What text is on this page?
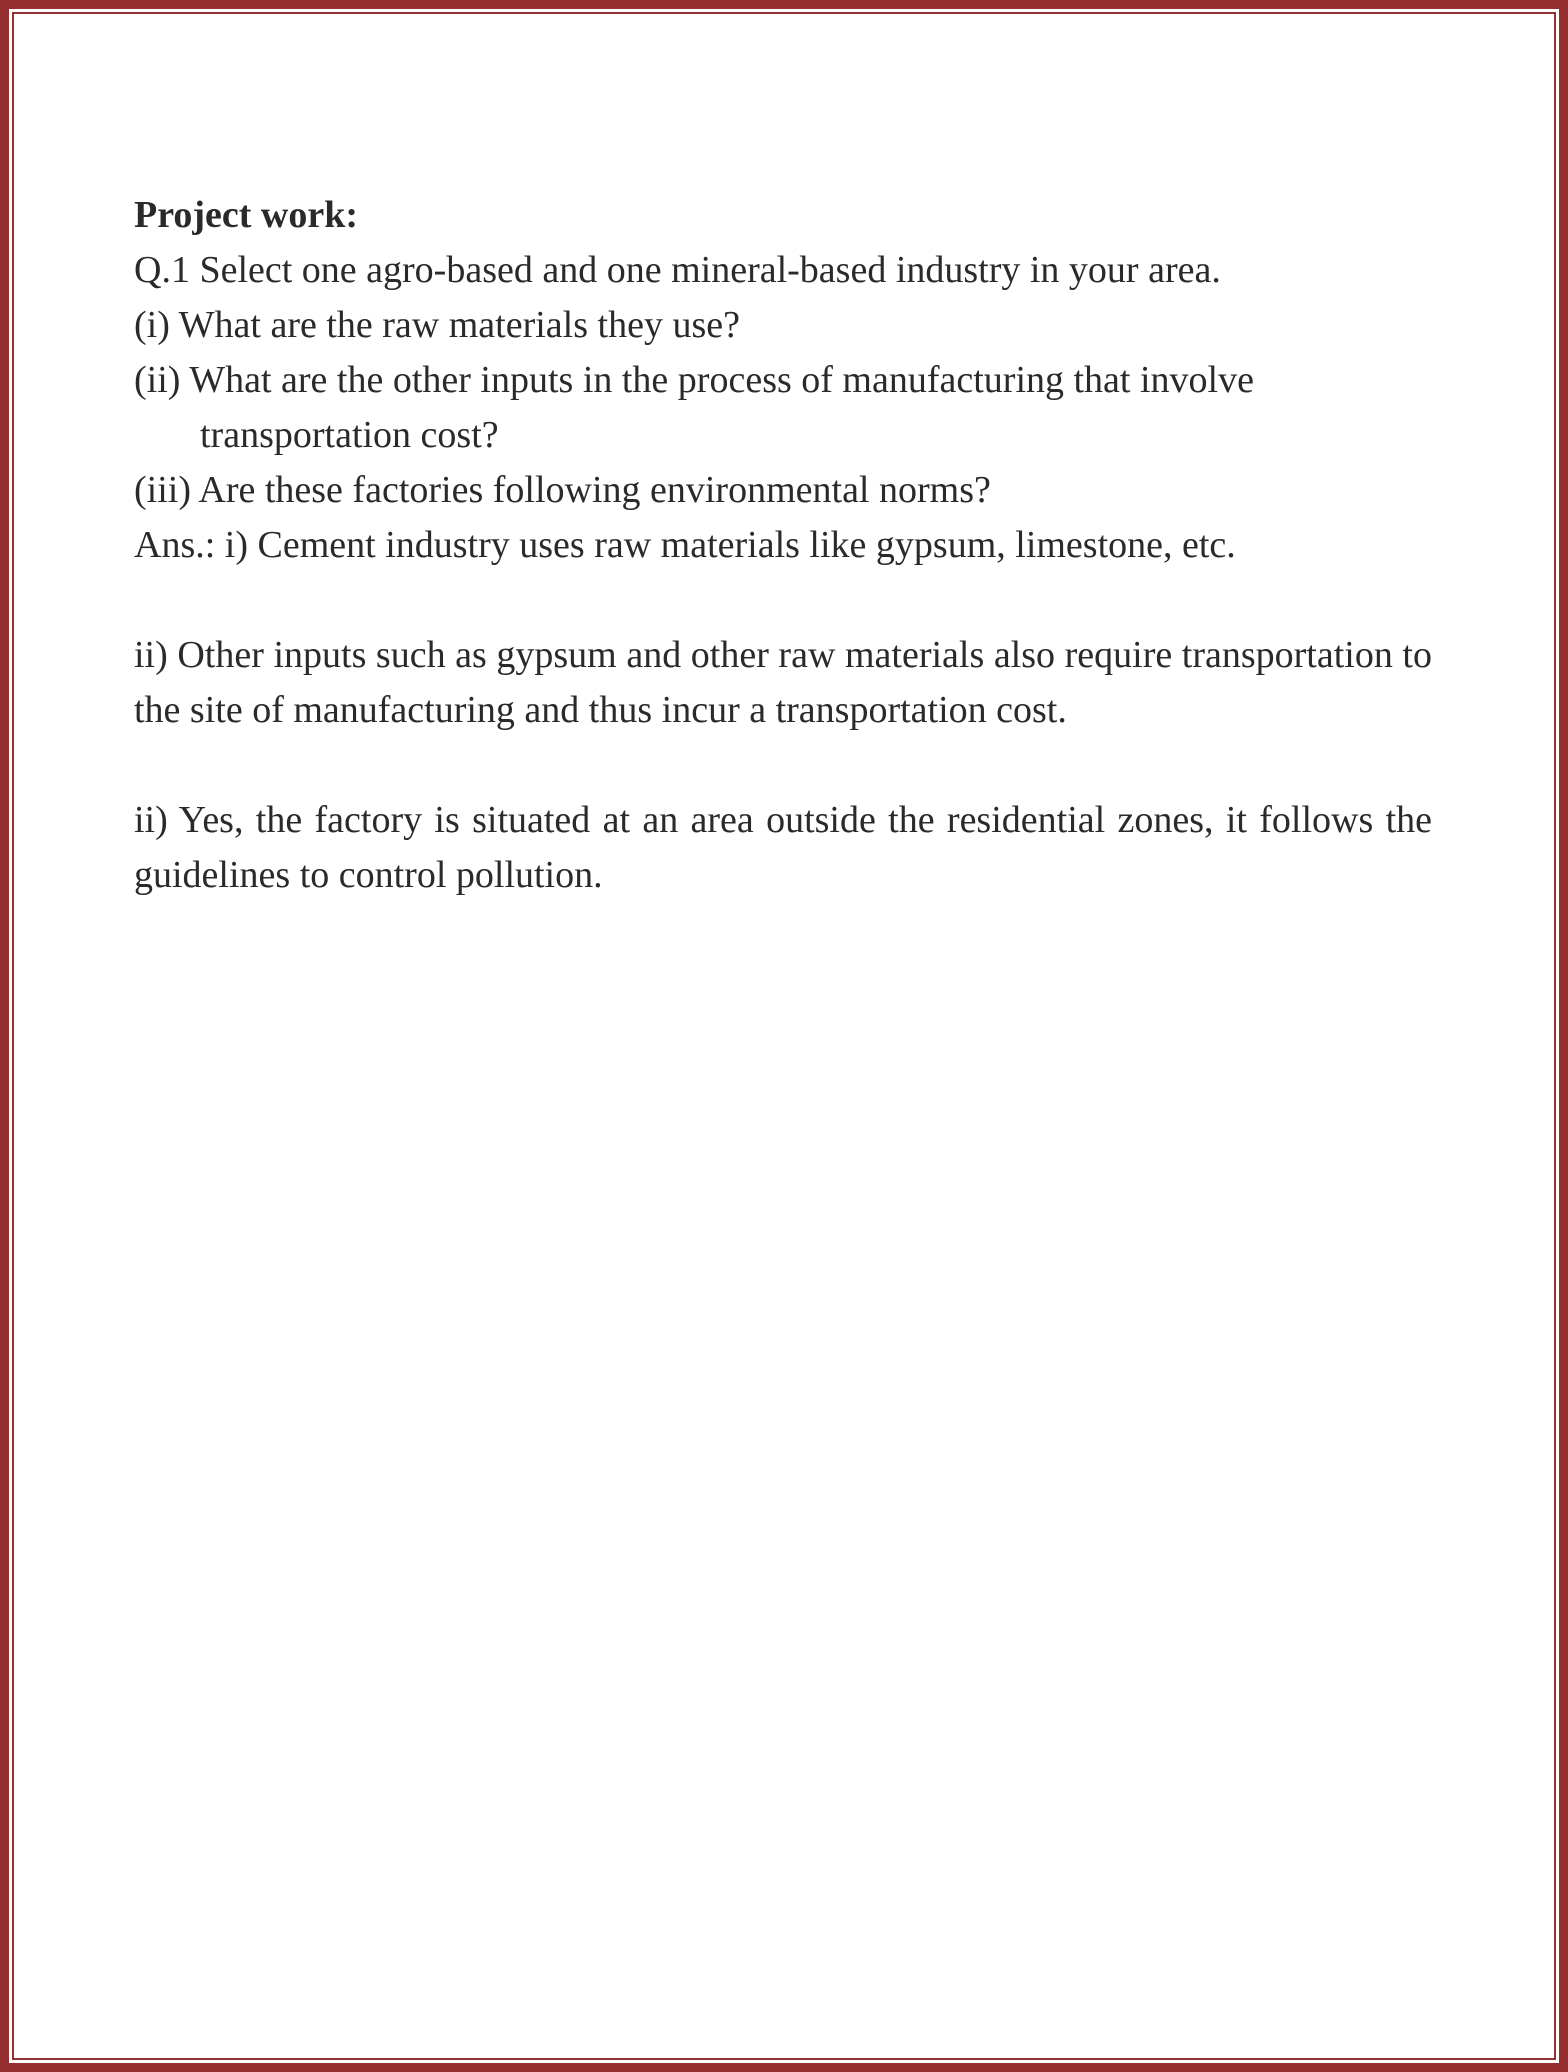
Project work:

Q.1 Select one agro-based and one mineral-based industry in your area.

(i) What are the raw materials they use?

(ii) What are the other inputs in the process of manufacturing that involve

transportation cost?

(iii) Are these factories following environmental norms?

Ans.: i) Cement industry uses raw materials like gypsum, limestone, etc.

ii) Other inputs such as gypsum and other raw materials also require transportation to the site of manufacturing and thus incur a transportation cost.

ii) Yes, the factory is situated at an area outside the residential zones, it follows the guidelines to control pollution.
